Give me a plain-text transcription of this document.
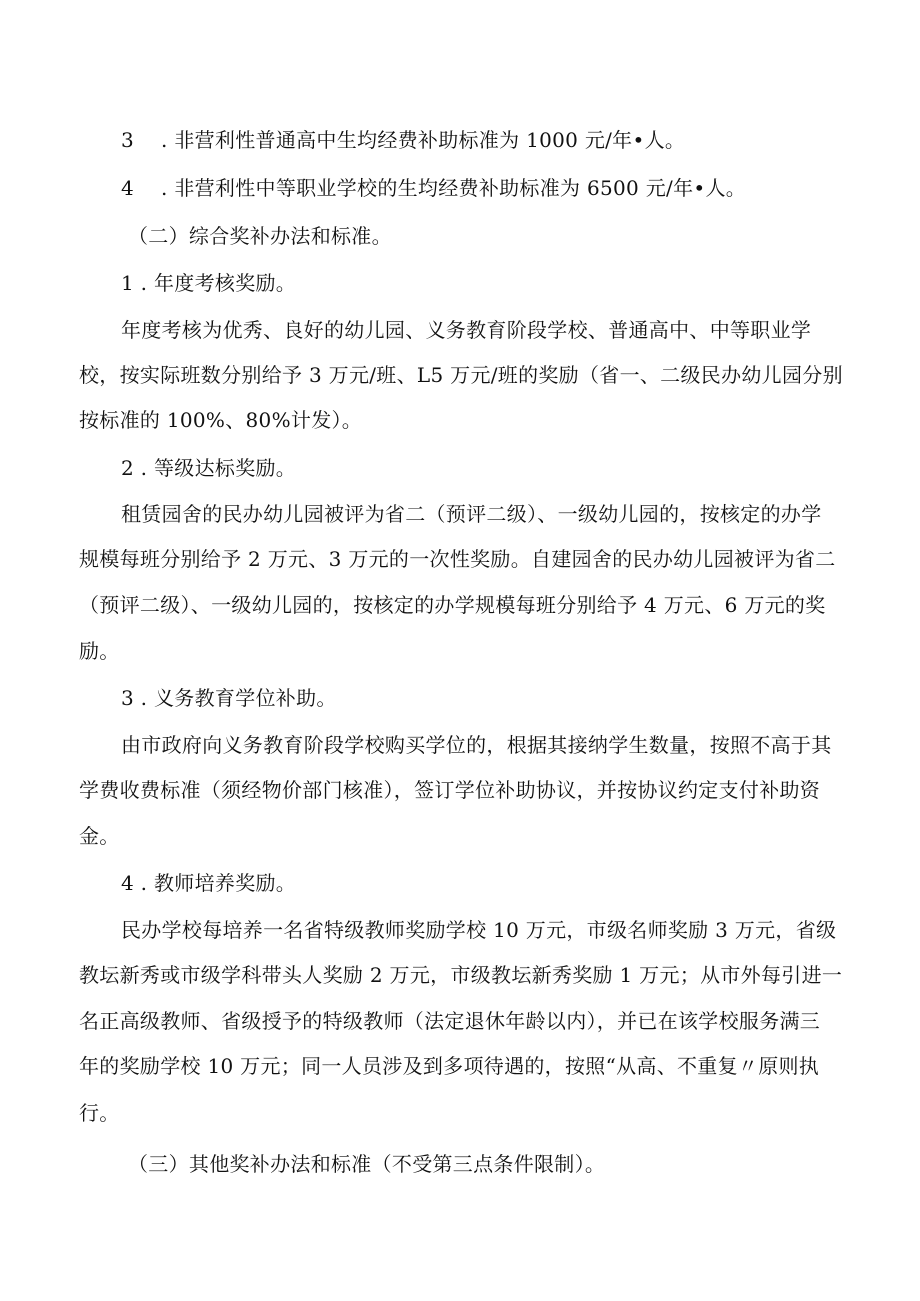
3 . 非营利性普通高中生均经费补助标准为 1000 元/年•人。
4 . 非营利性中等职业学校的生均经费补助标准为 6500 元/年•人。
（二）综合奖补办法和标准。
1 . 年度考核奖励。
年度考核为优秀、良好的幼儿园、义务教育阶段学校、普通高中、中等职业学
校，按实际班数分别给予 3 万元/班、L5 万元/班的奖励（省一、二级民办幼儿园分别
按标准的 100%、80%计发）。
2 . 等级达标奖励。
租赁园舍的民办幼儿园被评为省二（预评二级）、一级幼儿园的，按核定的办学
规模每班分别给予 2 万元、3 万元的一次性奖励。自建园舍的民办幼儿园被评为省二
（预评二级）、一级幼儿园的，按核定的办学规模每班分别给予 4 万元、6 万元的奖
励。
3 . 义务教育学位补助。
由市政府向义务教育阶段学校购买学位的，根据其接纳学生数量，按照不高于其
学费收费标准（须经物价部门核准），签订学位补助协议，并按协议约定支付补助资
金。
4 . 教师培养奖励。
民办学校每培养一名省特级教师奖励学校 10 万元，市级名师奖励 3 万元，省级
教坛新秀或市级学科带头人奖励 2 万元，市级教坛新秀奖励 1 万元；从市外每引进一
名正高级教师、省级授予的特级教师（法定退休年龄以内），并已在该学校服务满三
年的奖励学校 10 万元；同一人员涉及到多项待遇的，按照“从高、不重复〃原则执
行。
（三）其他奖补办法和标准（不受第三点条件限制）。
